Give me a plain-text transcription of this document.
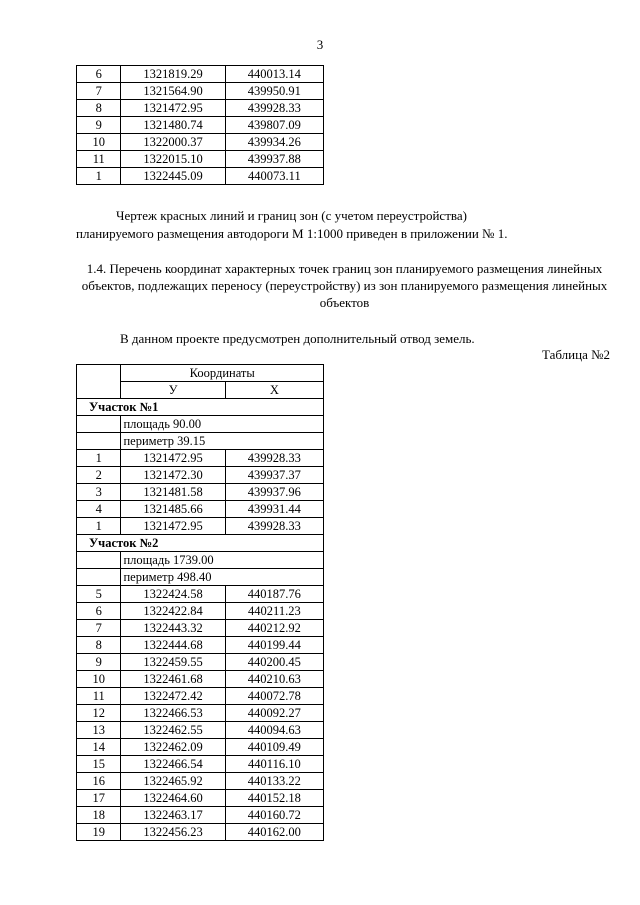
3
6	1321819.29	440013.14
7	1321564.90	439950.91
8	1321472.95	439928.33
9	1321480.74	439807.09
10	1322000.37	439934.26
11	1322015.10	439937.88
1	1322445.09	440073.11
Чертеж красных линий и границ зон (с учетом переустройства)
планируемого размещения автодороги М 1:1000 приведен в приложении № 1.
1.4. Перечень координат характерных точек границ зон планируемого размещения линейных объектов, подлежащих переносу (переустройству) из зон планируемого размещения линейных объектов
В данном проекте предусмотрен дополнительный отвод земель.
Таблица №2
	Координаты	
	У	Х
Участок №1		
	площадь 90.00	
	периметр 39.15	
1	1321472.95	439928.33
2	1321472.30	439937.37
3	1321481.58	439937.96
4	1321485.66	439931.44
1	1321472.95	439928.33
Участок №2		
	площадь 1739.00	
	периметр 498.40	
5	1322424.58	440187.76
6	1322422.84	440211.23
7	1322443.32	440212.92
8	1322444.68	440199.44
9	1322459.55	440200.45
10	1322461.68	440210.63
11	1322472.42	440072.78
12	1322466.53	440092.27
13	1322462.55	440094.63
14	1322462.09	440109.49
15	1322466.54	440116.10
16	1322465.92	440133.22
17	1322464.60	440152.18
18	1322463.17	440160.72
19	1322456.23	440162.00
